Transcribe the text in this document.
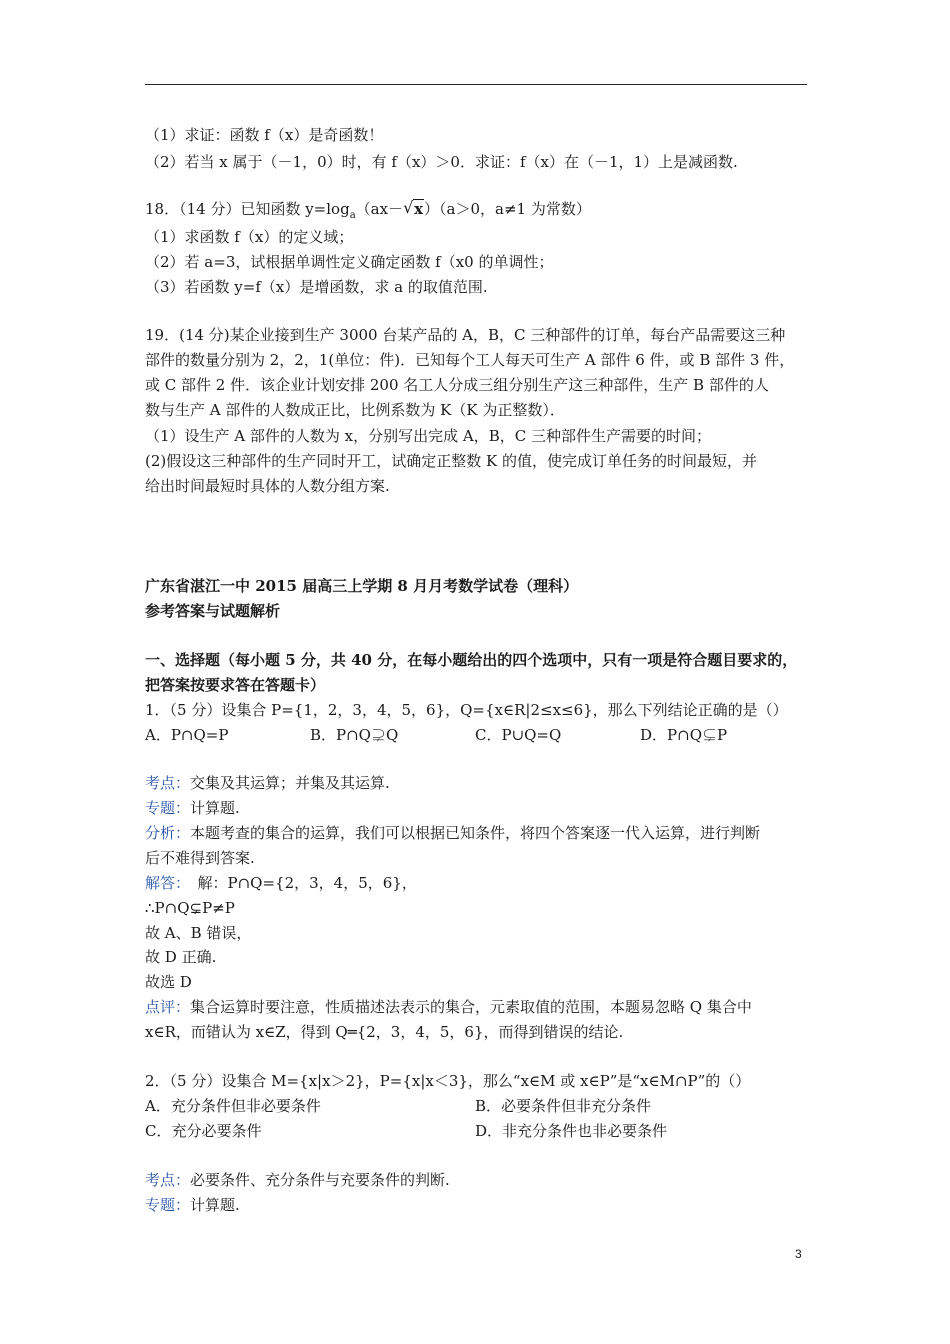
（1）求证：函数 f（x）是奇函数！
（2）若当 x 属于（－1，0）时，有 f（x）＞0．求证：f（x）在（－1，1）上是减函数.
18．（14 分）已知函数 $y=\log_a(ax-√$ x）（a＞0，a≠1 为常数）
（1）求函数 f（x）的定义域；
（2）若 a=3，试根据单调性定义确定函数 f（x0 的单调性；
（3）若函数 y=f（x）是增函数，求 a 的取值范围.
19．(14 分)某企业接到生产 3000 台某产品的 A，B，C 三种部件的订单，每台产品需要这三种
部件的数量分别为 2，2，1(单位：件)．已知每个工人每天可生产 A 部件 6 件，或 B 部件 3 件，
或 C 部件 2 件．该企业计划安排 200 名工人分成三组分别生产这三种部件，生产 B 部件的人
数与生产 A 部件的人数成正比，比例系数为 K（K 为正整数）．
（1）设生产 A 部件的人数为 x，分别写出完成 A，B，C 三种部件生产需要的时间；
(2)假设这三种部件的生产同时开工，试确定正整数 K 的值，使完成订单任务的时间最短，并
给出时间最短时具体的人数分组方案.
广东省湛江一中 2015 届高三上学期 8 月月考数学试卷（理科）
参考答案与试题解析
一、选择题（每小题 5 分，共 40 分，在每小题给出的四个选项中，只有一项是符合题目要求的，
把答案按要求答在答题卡）
1．（5 分）设集合 P={1，2，3，4，5，6}，Q={x∈R|2≤x≤6}，那么下列结论正确的是（）
A．P∩Q=P	B．P∩Q⊋Q	C．P∪Q=Q	D．P∩Q⊊P
考点：交集及其运算；并集及其运算.
专题：计算题.
分析：本题考查的集合的运算，我们可以根据已知条件，将四个答案逐一代入运算，进行判断
后不难得到答案.
解答：　解：P∩Q={2，3，4，5，6}，
∴P∩Q⊊P≠P
故 A、B 错误，
故 D 正确.
故选 D
点评：集合运算时要注意，性质描述法表示的集合，元素取值的范围，本题易忽略 Q 集合中
x∈R，而错认为 x∈Z，得到 Q═{2，3，4，5，6}，而得到错误的结论.
2．（5 分）设集合 M={x|x＞2}，P={x|x＜3}，那么“x∈M 或 x∈P”是“x∈M∩P”的（）
A．充分条件但非必要条件	B．必要条件但非充分条件
C．充分必要条件	D．非充分条件也非必要条件
考点：必要条件、充分条件与充要条件的判断.
专题：计算题.
3
